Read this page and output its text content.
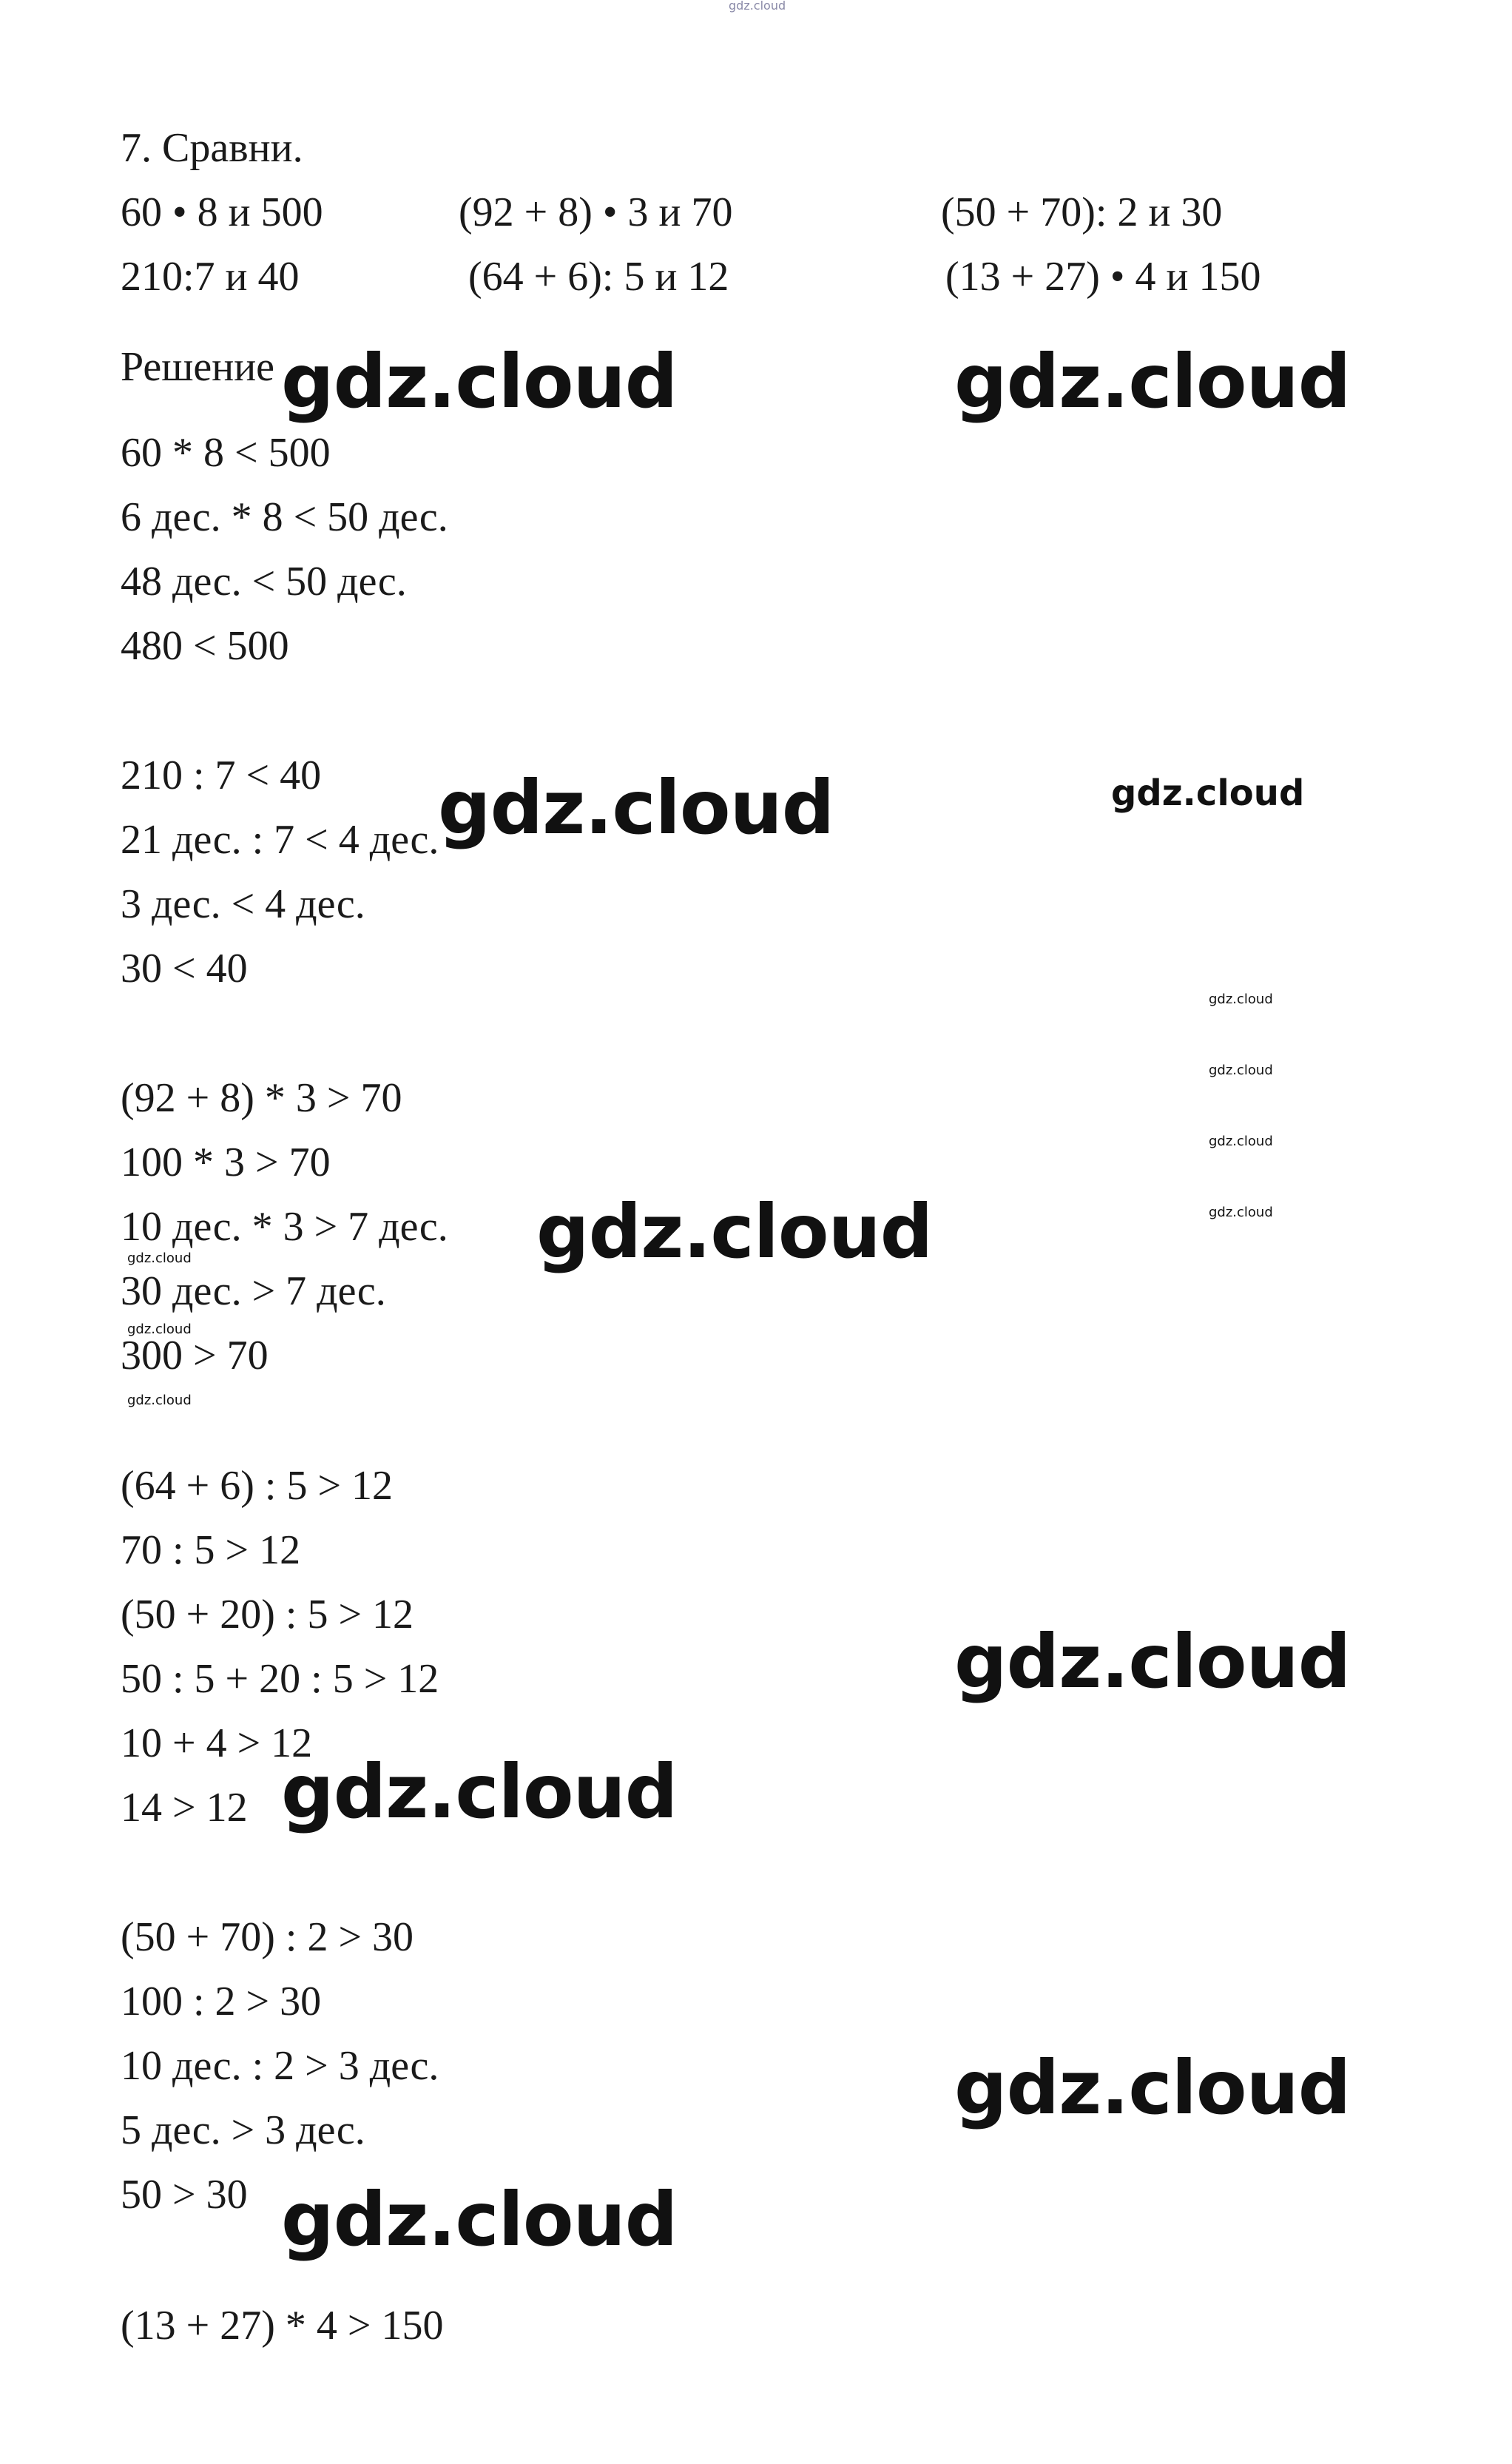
gdz.cloud
7. Сравни.
60 • 8 и 500	(92 + 8) • 3 и 70	(50 + 70): 2 и 30
210:7 и 40	(64 + 6): 5 и 12	(13 + 27) • 4 и 150
Решение
60 * 8 < 500
6 дес. * 8 < 50 дес.
48 дес. < 50 дес.
480 < 500
210 : 7 < 40
21 дес. : 7 < 4 дес.
3 дес. < 4 дес.
30 < 40
(92 + 8) * 3 > 70
100 * 3 > 70
10 дес. * 3 > 7 дес.
30 дес. > 7 дес.
300 > 70
(64 + 6) : 5 > 12
70 : 5 > 12
(50 + 20) : 5 > 12
50 : 5 + 20 : 5 > 12
10 + 4 > 12
14 > 12
(50 + 70) : 2 > 30
100 : 2 > 30
10 дес. : 2 > 3 дес.
5 дес. > 3 дес.
50 > 30
(13 + 27) * 4 > 150
gdz.cloud	gdz.cloud
gdz.cloud
gdz.cloud
gdz.cloud
gdz.cloud
gdz.cloud
gdz.cloud
gdz.cloud
gdz.cloud
gdz.cloud
gdz.cloud
gdz.cloud
gdz.cloud
gdz.cloud
gdz.cloud
